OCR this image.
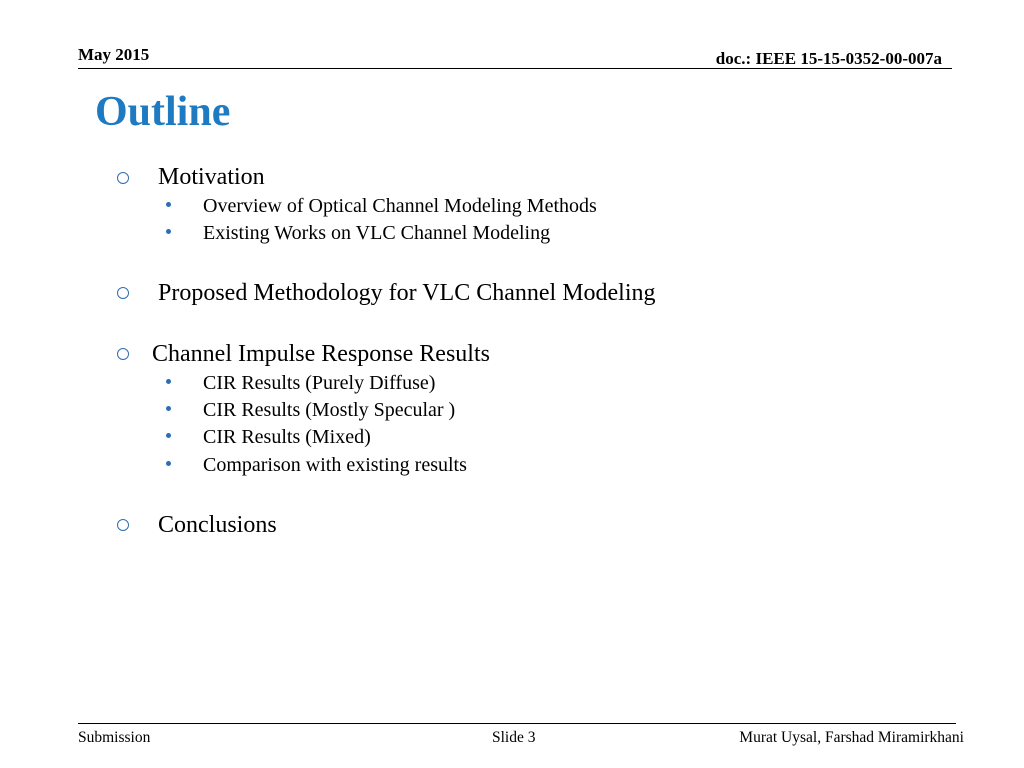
May 2015	doc.: IEEE 15-15-0352-00-007a
Outline
Motivation
Overview of Optical Channel Modeling Methods
Existing Works on VLC Channel Modeling
Proposed Methodology for VLC Channel Modeling
Channel Impulse Response Results
CIR Results (Purely Diffuse)
CIR Results (Mostly Specular )
CIR Results (Mixed)
Comparison with existing results
Conclusions
Submission	Slide 3	Murat Uysal, Farshad Miramirkhani
